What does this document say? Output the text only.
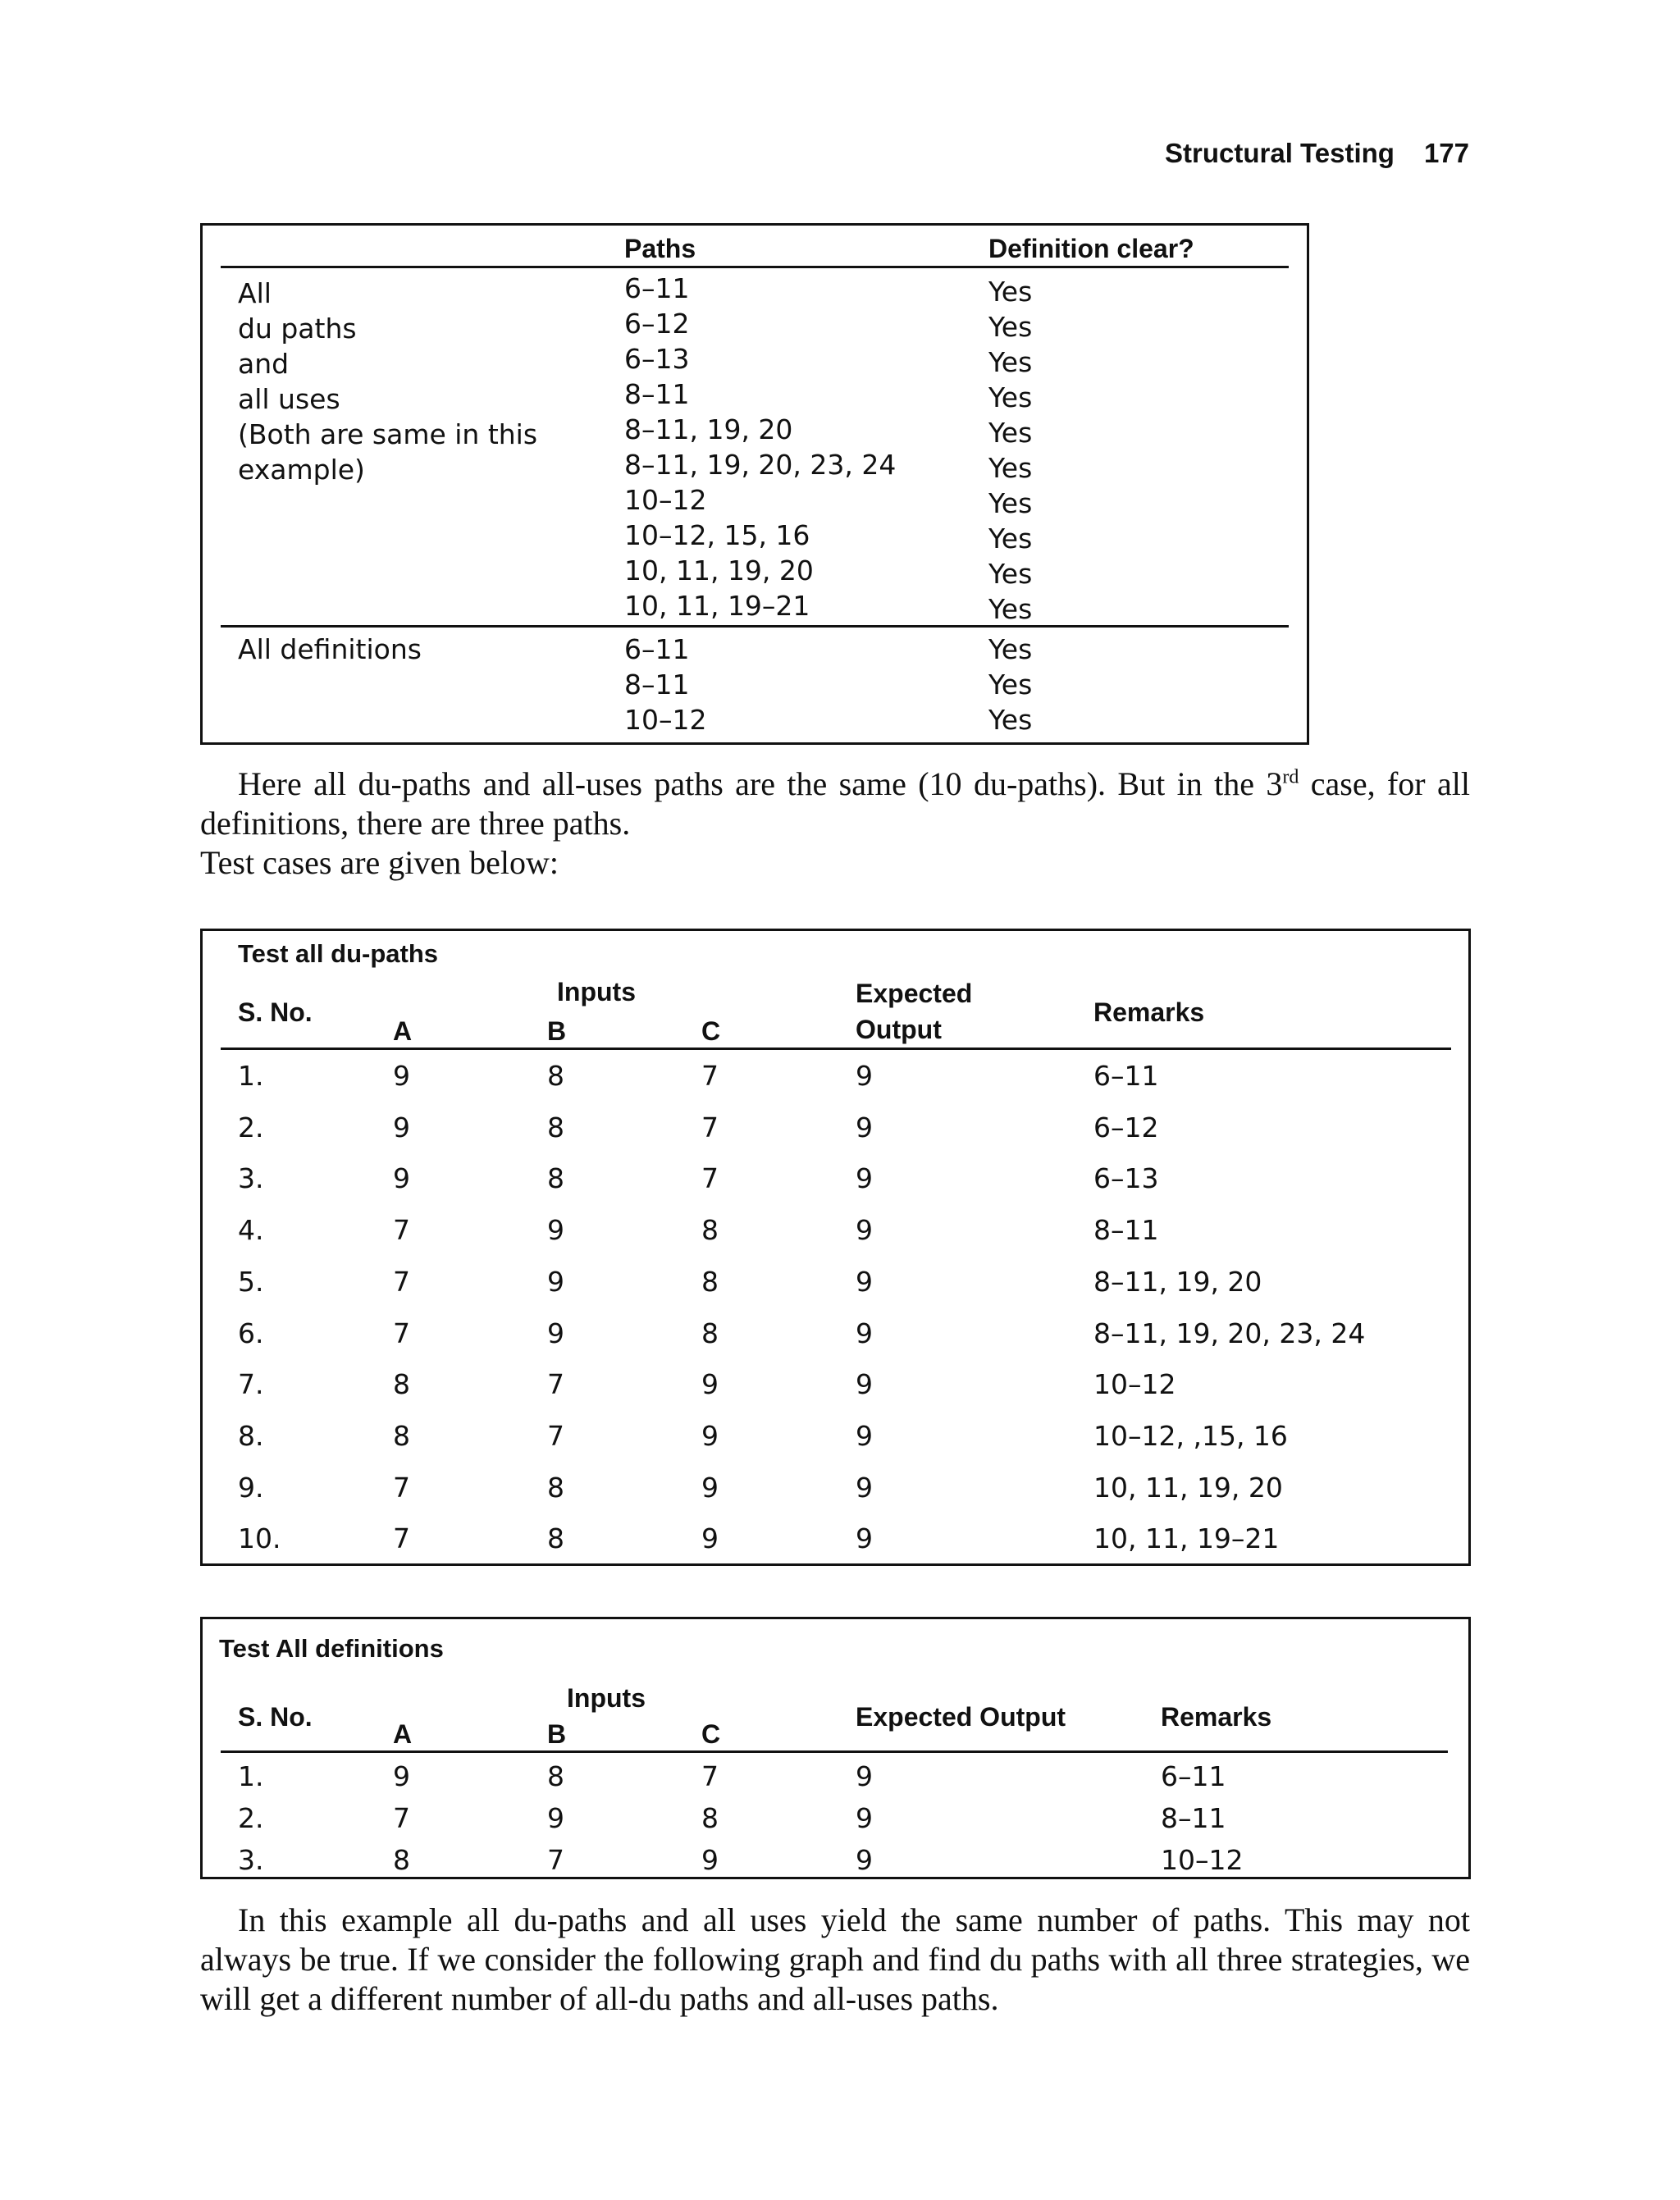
Structural Testing 177
Paths	Definition clear?
All
du paths
and
all uses
(Both are same in this
example)
6–11	Yes
6–12	Yes
6–13	Yes
8–11	Yes
8–11, 19, 20	Yes
8–11, 19, 20, 23, 24	Yes
10–12	Yes
10–12, 15, 16	Yes
10, 11, 19, 20	Yes
10, 11, 19–21	Yes
All definitions	6–11	Yes
8–11	Yes
10–12	Yes

Here all du-paths and all-uses paths are the same (10 du-paths). But in the 3rd case, for all definitions, there are three paths.

Test cases are given below:

Test all du-paths
Inputs
S. No.
A	B	C
Expected
Output
Remarks
1.	9	8	7	9	6–11
2.	9	8	7	9	6–12
3.	9	8	7	9	6–13
4.	7	9	8	9	8–11
5.	7	9	8	9	8–11, 19, 20
6.	7	9	8	9	8–11, 19, 20, 23, 24
7.	8	7	9	9	10–12
8.	8	7	9	9	10–12, ,15, 16
9.	7	8	9	9	10, 11, 19, 20
10.	7	8	9	9	10, 11, 19–21
Test All definitions
Inputs
S. No.
A	B	C
Expected Output	Remarks
1.	9	8	7	9	6–11
2.	7	9	8	9	8–11
3.	8	7	9	9	10–12

In this example all du-paths and all uses yield the same number of paths. This may not always be true. If we consider the following graph and find du paths with all three strategies, we will get a different number of all-du paths and all-uses paths.
